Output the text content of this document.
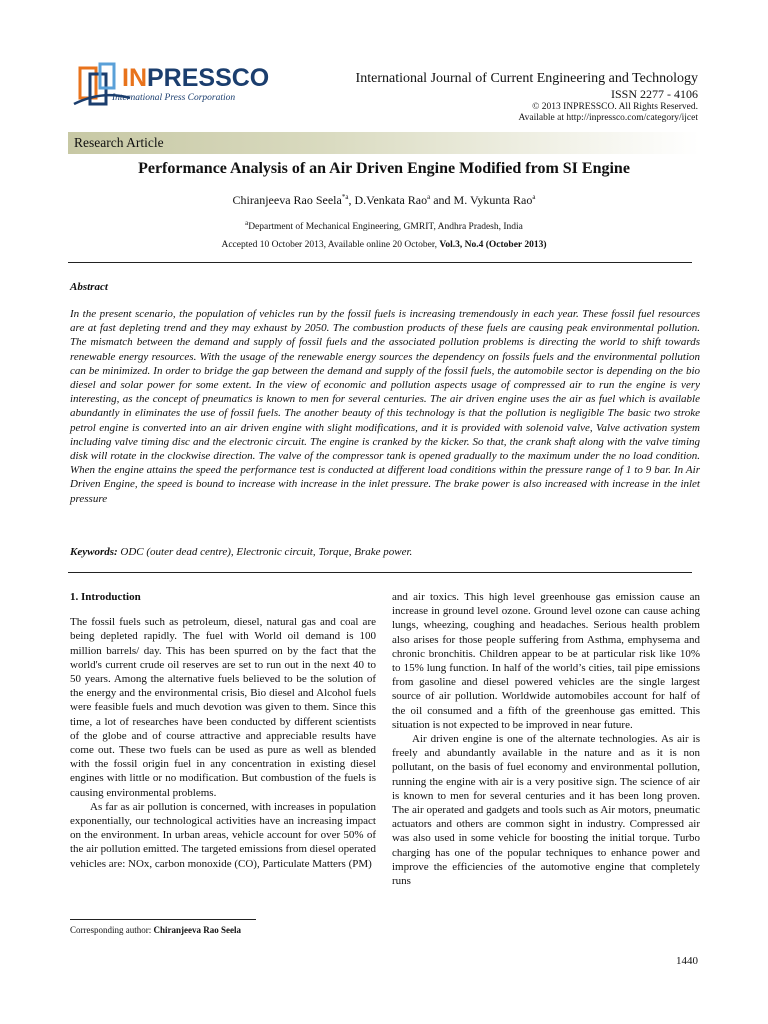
INPRESSCO
International Press Corporation
International Journal of Current Engineering and Technology
ISSN 2277 - 4106
© 2013 INPRESSCO. All Rights Reserved.
Available at http://inpressco.com/category/ijcet
Research Article
Performance Analysis of an Air Driven Engine Modified from SI Engine
Chiranjeeva Rao Seela$^{*a}$, D.Venkata Rao$^a$ and M. Vykunta Rao$^a$
$^a$Department of Mechanical Engineering, GMRIT, Andhra Pradesh, India
Accepted 10 October 2013, Available online 20 October, Vol.3, No.4 (October 2013)
Abstract
In the present scenario, the population of vehicles run by the fossil fuels is increasing tremendously in each year. These fossil fuel resources are at fast depleting trend and they may exhaust by 2050. The combustion products of these fuels are causing peak environmental pollution. The mismatch between the demand and supply of fossil fuels and the associated pollution problems is directing the world to shift towards renewable energy resources. With the usage of the renewable energy sources the dependency on fossils fuels and the environmental pollution can be minimized. In order to bridge the gap between the demand and supply of the fossil fuels, the automobile sector is depending on the bio diesel and solar power for some extent. In the view of economic and pollution aspects usage of compressed air to run the engine is very interesting, as the concept of pneumatics is known to men for several centuries. The air driven engine uses the air as fuel which is available abundantly in eliminates the use of fossil fuels. The another beauty of this technology is that the pollution is negligible The basic two stroke petrol engine is converted into an air driven engine with slight modifications, and it is provided with solenoid valve, Valve activation system including valve timing disc and the electronic circuit. The engine is cranked by the kicker. So that, the crank shaft along with the valve timing disk will rotate in the clockwise direction. The valve of the compressor tank is opened gradually to the maximum under the no load condition. When the engine attains the speed the performance test is conducted at different load conditions within the pressure range of 1 to 9 bar. In Air Driven Engine, the speed is bound to increase with increase in the inlet pressure. The brake power is also increased with increase in the inlet pressure
Keywords: ODC (outer dead centre), Electronic circuit, Torque, Brake power.
1. Introduction

The fossil fuels such as petroleum, diesel, natural gas and coal are being depleted rapidly. The fuel with World oil demand is 100 million barrels/ day. This has been spurred on by the fact that the world's current crude oil reserves are set to run out in the next 40 to 50 years. Among the alternative fuels believed to be the solution of the energy and the environmental crisis, Bio diesel and Alcohol fuels were feasible fuels and much devotion was given to them. Since this time, a lot of researches have been conducted by different scientists of the globe and of course attractive and appreciable results have come out. These two fuels can be used as pure as well as blended with the fossil origin fuel in any concentration in existing diesel engines with little or no modification. But combustion of the fuels is causing environmental problems.

As far as air pollution is concerned, with increases in population exponentially, our technological activities have an increasing impact on the environment. In urban areas, vehicle account for over 50% of the air pollution emitted. The targeted emissions from diesel operated vehicles are: NOx, carbon monoxide (CO), Particulate Matters (PM)

and air toxics. This high level greenhouse gas emission cause an increase in ground level ozone. Ground level ozone can cause aching lungs, wheezing, coughing and headaches. Serious health problem also arises for those people suffering from Asthma, emphysema and chronic bronchitis. Children appear to be at particular risk like 10% to 15% lung function. In half of the world’s cities, tail pipe emissions from gasoline and diesel powered vehicles are the single largest source of air pollution. Worldwide automobiles account for half of the oil consumed and a fifth of the greenhouse gas emitted. This situation is not expected to be improved in near future.

Air driven engine is one of the alternate technologies. As air is freely and abundantly available in the nature and as it is non pollutant, on the basis of fuel economy and environmental pollution, running the engine with air is a very positive sign. The science of air is known to men for several centuries and it has been long proven. The air operated and gadgets and tools such as Air motors, pneumatic actuators and others are common sight in industry. Compressed air was also used in some vehicle for boosting the initial torque. Turbo charging has one of the popular techniques to enhance power and improve the efficiencies of the automotive engine that completely runs

Corresponding author: Chiranjeeva Rao Seela
1440
